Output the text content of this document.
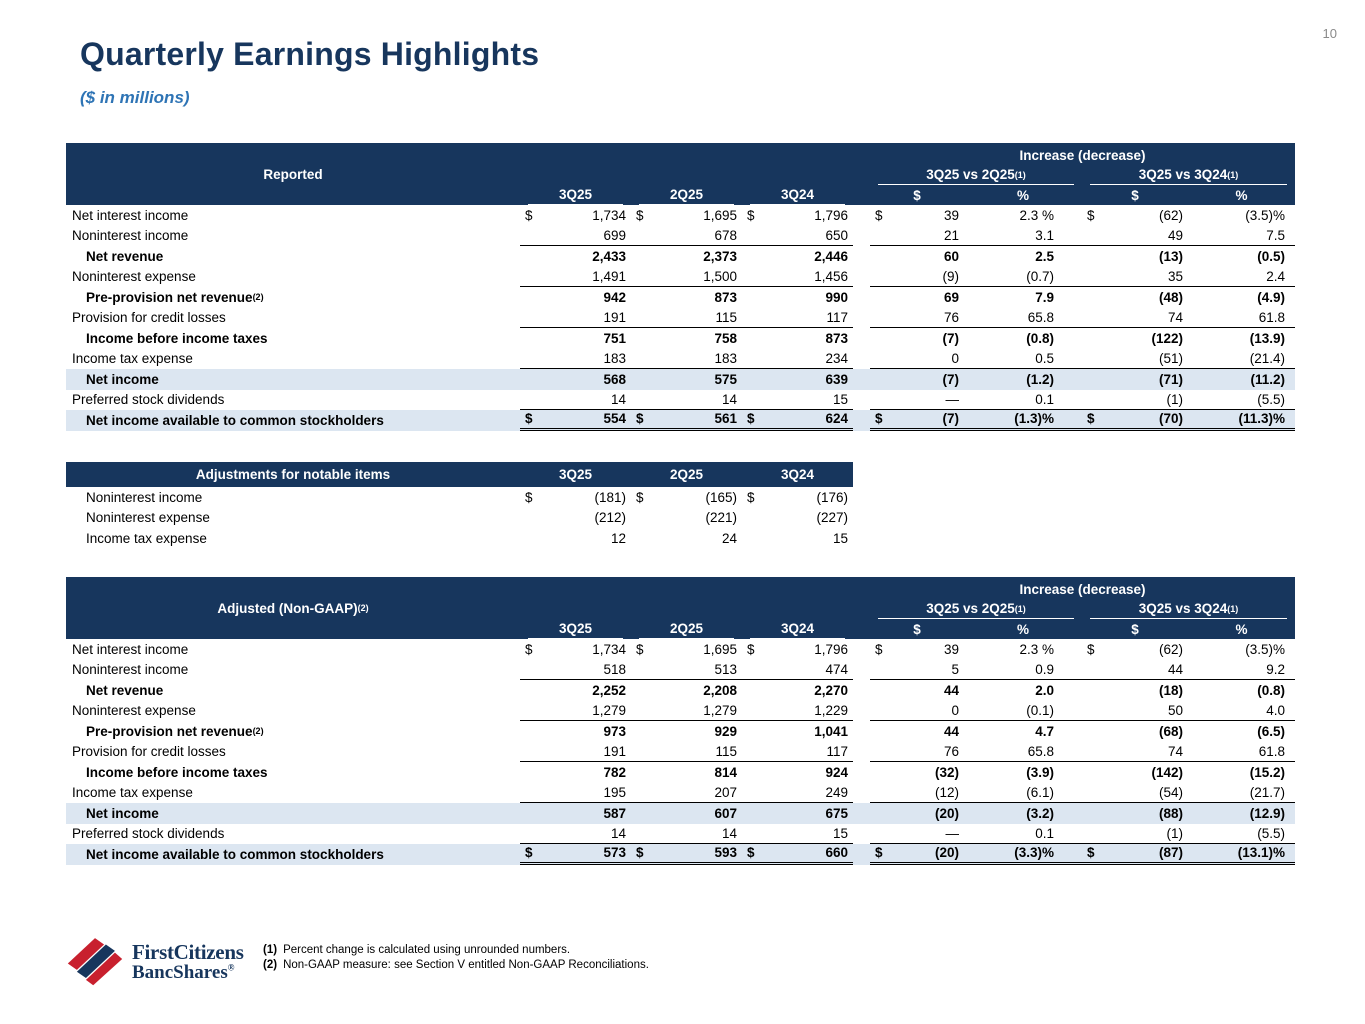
10
Quarterly Earnings Highlights
($ in millions)
Reported
Increase (decrease)
3Q25 vs 2Q25 (1)	3Q25 vs 3Q24 (1)
3Q25	2Q25	3Q24	$	%	$	%
Net interest income	$	1,734 $	1,695 $	1,796 $	39	2.3 % $	(62)	(3.5)%
Noninterest income	699	678	650	21	3.1	49	7.5
Net revenue	2,433	2,373	2,446	60	2.5	(13)	(0.5)
Noninterest expense	1,491	1,500	1,456	(9)	(0.7)	35	2.4
Pre-provision net revenue (2)	942	873	990	69	7.9	(48)	(4.9)
Provision for credit losses	191	115	117	76	65.8	74	61.8
Income before income taxes	751	758	873	(7)	(0.8)	(122)	(13.9)
Income tax expense	183	183	234	0	0.5	(51)	(21.4)
Net income	568	575	639	(7)	(1.2)	(71)	(11.2)
Preferred stock dividends	14	14	15	—	0.1	(1)	(5.5)
Net income available to common stockholders	$	554 $	561 $	624 $	(7)	(1.3)% $	(70)	(11.3)%
Adjustments for notable items	3Q25	2Q25	3Q24
Noninterest income	$	(181) $	(165) $	(176)
Noninterest expense	(212)	(221)	(227)
Income tax expense	12	24	15
Adjusted (Non-GAAP) (2)
Increase (decrease)
3Q25 vs 2Q25 (1)	3Q25 vs 3Q24 (1)
3Q25	2Q25	3Q24	$	%	$	%
Net interest income	$	1,734 $	1,695 $	1,796 $	39	2.3 % $	(62)	(3.5)%
Noninterest income	518	513	474	5	0.9	44	9.2
Net revenue	2,252	2,208	2,270	44	2.0	(18)	(0.8)
Noninterest expense	1,279	1,279	1,229	0	(0.1)	50	4.0
Pre-provision net revenue (2)	973	929	1,041	44	4.7	(68)	(6.5)
Provision for credit losses	191	115	117	76	65.8	74	61.8
Income before income taxes	782	814	924	(32)	(3.9)	(142)	(15.2)
Income tax expense	195	207	249	(12)	(6.1)	(54)	(21.7)
Net income	587	607	675	(20)	(3.2)	(88)	(12.9)
Preferred stock dividends	14	14	15	—	0.1	(1)	(5.5)
Net income available to common stockholders	$	573 $	593 $	660 $	(20)	(3.3)% $	(87)	(13.1)%
FirstCitizens
BancShares®
(1) Percent change is calculated using unrounded numbers.
(2) Non-GAAP measure: see Section V entitled Non-GAAP Reconciliations.
